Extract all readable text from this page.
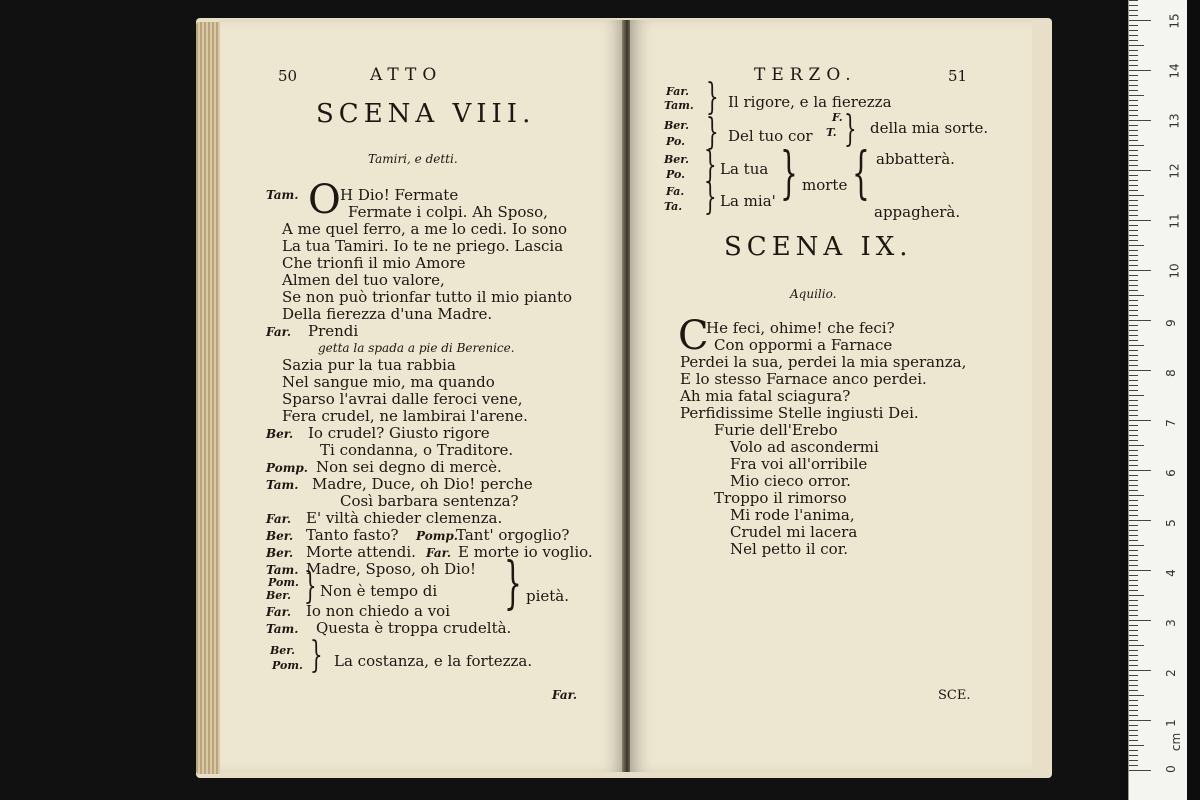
50	ATTO
SCENA VIII.
Tamiri, e detti.
Tam. O H Dio! Fermate
Fermate i colpi. Ah Sposo,
A me quel ferro, a me lo cedi. Io sono
La tua Tamiri. Io te ne priego. Lascia
Che trionfi il mio Amore
Almen del tuo valore,
Se non può trionfar tutto il mio pianto
Della fierezza d'una Madre.
Far. Prendi
getta la spada a pie di Berenice.
Sazia pur la tua rabbia
Nel sangue mio, ma quando
Sparso l'avrai dalle feroci vene,
Fera crudel, ne lambirai l'arene.
Ber. Io crudel? Giusto rigore
Ti condanna, o Traditore.
Pomp. Non sei degno di mercè.
Tam. Madre, Duce, oh Dio! perche
Così barbara sentenza?
Far. E' viltà chieder clemenza.
Ber. Tanto fasto? Pomp.
Tant' orgoglio?
Ber. Morte attendi. Far. E morte io voglio.
Tam. Madre, Sposo, oh Dio!
Pom.
Ber. } Non è tempo di } pietà.
Far. Io non chiedo a voi
Tam. Questa è troppa crudeltà.
Ber.
Pom. } La costanza, e la fortezza.
Far.
TERZO.	51
Far.
Tam. } Il rigore, e la fierezza
Ber.
Po. } Del tuo cor
F.
T. } della mia sorte.
Ber.
Po. } La tua
Fa.
Ta. } La mia' } morte { abbatterà.
appagherà.
SCENA IX.
Aquilio.
C
He feci, ohime! che feci?
Con oppormi a Farnace
Perdei la sua, perdei la mia speranza,
E lo stesso Farnace anco perdei.
Ah mia fatal sciagura?
Perfidissime Stelle ingiusti Dei.
Furie dell'Erebo
Volo ad ascondermi
Fra voi all'orribile
Mio cieco orror.
Troppo il rimorso
Mi rode l'anima,
Crudel mi lacera
Nel petto il cor.
SCE.
0
cm
1
2
3
4
5
6
7
8
9
10
11
12
13
14
15
